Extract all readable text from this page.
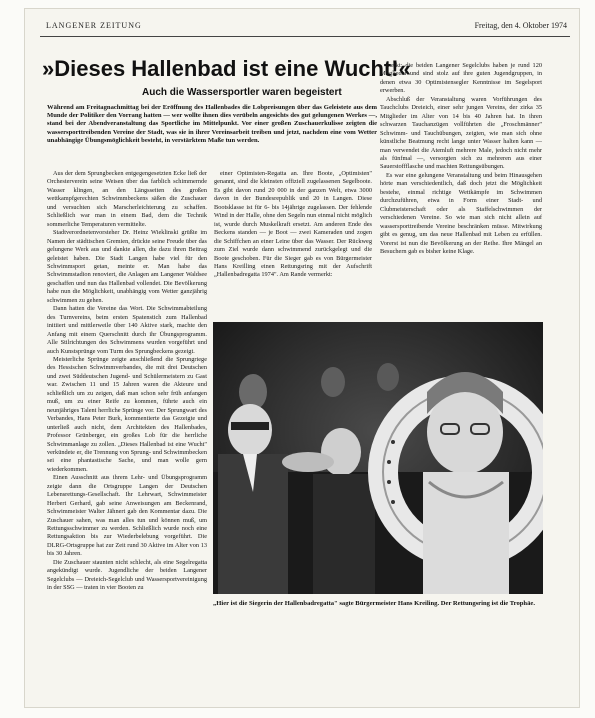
LANGENER ZEITUNG	Freitag, den 4. Oktober 1974
»Dieses Hallenbad ist eine Wucht!«
Auch die Wassersportler waren begeistert
Während am Freitagnachmittag bei der Eröffnung des Hallenbades die Lobpreisungen über das Geleistete aus dem Munde der Politiker den Vorrang hatten — wer wollte ihnen dies verübeln angesichts des gut gelungenen Werkes —, stand bei der Abendveranstaltung das Sportliche im Mittelpunkt. Vor einer großen Zuschauerkulisse zeigten die wassersporttreibenden Vereine der Stadt, was sie in ihrer Vereinsarbeit treiben und jetzt, nachdem eine vom Wetter unabhängige Übungsmöglichkeit besteht, in verstärktem Maße tun werden.

Aus der dem Sprungbecken entgegengesetzten Ecke ließ der Orchesterverein seine Weisen über das farblich schimmernde Wasser klingen, an den Längsseiten des großen wettkampfgerechten Schwimmbeckens säßen die Zuschauer und versuchten sich Marscherleichterung zu schaffen. Schließlich war man in einem Bad, dem die Technik sommerliche Temperaturen vermittelte.

Stadtverordnetenvorsteher Dr. Heinz Wieklinski grüßte im Namen der städtischen Gremien, drückte seine Freude über das gelungene Werk aus und dankte allen, die dazu ihren Beitrag geleistet haben. Die Stadt Langen habe viel für den Schwimmsport getan, meinte er. Man habe das Schwimmstadion renoviert, die Anlagen am Langener Waldsee geschaffen und nun das Hallenbad vollendet. Die Bevölkerung habe nun die Möglichkeit, unabhängig vom Wetter ganzjährig schwimmen zu gehen.

Dann hatten die Vereine das Wort. Die Schwimmabteilung des Turnvereins, beim ersten Spatenstich zum Hallenbad initiiert und mittlerweile über 140 Aktive stark, machte den Anfang mit einem Querschnitt durch ihr Übungsprogramm. Alle Stilrichtungen des Schwimmens wurden vorgeführt und auch Kunstsprünge vom Turm des Sprungbeckens gezeigt.

Meisterliche Sprünge zeigte anschließend die Sprungriege des Hessischen Schwimmverbandes, die mit drei Deutschen und zwei Süddeutschen Jugend- und Schülermeistern zu Gast war. Zwischen 11 und 15 Jahren waren die Akteure und schließlich um zu zeigen, daß man schon sehr früh anfangen muß, um zu einer Reife zu kommen, führte auch ein neunjähriges Talent herrliche Sprünge vor. Der Sprungwart des Verbandes, Hans Peter Burk, kommentierte das Gezeigte und unterließ auch nicht, dem Architekten des Hallenbades, Professor Grünberger, ein großes Lob für die herrliche Schwimmanlage zu zollen. „Dieses Hallenbad ist eine Wucht" verkündete er, die Trennung von Sprung- und Schwimmbecken sei eine phantastische Sache, und man wolle gern wiederkommen.

Einen Ausschnitt aus ihrem Lehr- und Übungsprogramm zeigte dann die Ortsgruppe Langen der Deutschen Lebensrettungs-Gesellschaft. Ihr Lehrwart, Schwimmeister Herbert Gerhard, gab seine Anweisungen am Beckenrand, Schwimmeister Walter Jähnert gab den Kommentar dazu. Die Zuschauer sahen, was man alles tun und können muß, um Rettungsschwimmer zu werden. Schließlich wurde noch eine Rettungsaktion bis zur Wiederbelebung vorgeführt. Die DLRG-Ortsgruppe hat zur Zeit rund 30 Aktive im Alter von 13 bis 30 Jahren.

Die Zuschauer staunten nicht schlecht, als eine Segelregatta angekündigt wurde. Jugendliche der beiden Langener Segelclubs — Dreieich-Segelclub und Wassersportvereinigung in der SSG — traten in vier Booten zu

einer Optimisten-Regatta an. Ihre Boote, „Optimisten" genannt, sind die kleinsten offiziell zugelassenen Segelboote. Es gibt davon rund 20 000 in der ganzen Welt, etwa 3000 davon in der Bundesrepublik und 20 in Langen. Diese Bootsklasse ist für 6- bis 14jährige zugelassen. Der fehlende Wind in der Halle, ohne den Segeln nun einmal nicht möglich ist, wurde durch Muskelkraft ersetzt. Am anderen Ende des Beckens standen — je Boot — zwei Kameraden und zogen die Schiffchen an einer Leine über das Wasser. Der Rückweg zum Ziel wurde dann schwimmend zurückgelegt und die Boote geschoben. Für die Sieger gab es von Bürgermeister Hans Kreilling einen Rettungsring mit der Aufschrift „Hallenbadregatta 1974". Am Rande vermerkt:

merkt: die beiden Langener Segelclubs haben je rund 120 Mitglieder und sind stolz auf ihre guten Jugendgruppen, in denen etwa 30 Optimistensegler Kenntnisse im Segelsport erwerben.

Abschluß der Veranstaltung waren Vorführungen des Tauchclubs Dreieich, einer sehr jungen Vereins, der zirka 35 Mitglieder im Alter von 14 bis 40 Jahren hat. In ihren schwarzen Tauchanzügen vollführten die „Froschmänner" Schwimm- und Tauchübungen, zeigten, wie man sich ohne künstliche Beatmung recht lange unter Wasser halten kann — man verwendet die Atemluft mehrere Male, jedoch nicht mehr als fünfmal —, versorgten sich zu mehreren aus einer Sauerstoffflasche und machten Rettungsübungen.

Es war eine gelungene Veranstaltung und beim Hinausgehen hörte man verschiedentlich, daß doch jetzt die Möglichkeit bestehe, einmal richtige Wettkämpfe im Schwimmen durchzuführen, etwa in Form einer Stadt- und Clubmeisterschaft oder als Staffelschwimmen der verschiedenen Vereine. So wie man sich nicht allein auf wassersporttreibende Vereine beschränken müsse. Mitwirkung gibt es genug, um das neue Hallenbad mit Leben zu erfüllen. Vorerst ist nun die Bevölkerung an der Reihe. Ihre Mängel an Besuchern gab es bisher keine Klage.

„Hier ist die Siegerin der Hallenbadregatta" sagte Bürgermeister Hans Kreiling. Der Rettungsring ist die Trophäe.
